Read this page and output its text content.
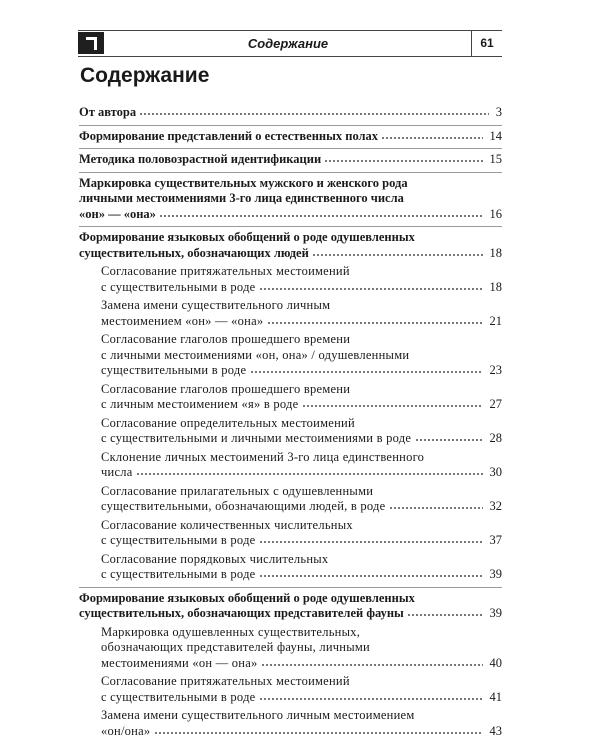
Содержание	61
Содержание
От автора	3
Формирование представлений о естественных полах	14
Методика половозрастной идентификации	15
Маркировка существительных мужского и женского рода
личными местоимениями 3-го лица единственного числа
«он» — «она»	16
Формирование языковых обобщений о роде одушевленных
существительных, обозначающих людей	18
Согласование притяжательных местоимений
с существительными в роде	18
Замена имени существительного личным
местоимением «он» — «она»	21
Согласование глаголов прошедшего времени
с личными местоимениями «он, она» / одушевленными
существительными в роде	23
Согласование глаголов прошедшего времени
с личным местоимением «я» в роде	27
Согласование определительных местоимений
с существительными и личными местоимениями в роде	28
Склонение личных местоимений 3-го лица единственного
числа	30
Согласование прилагательных с одушевленными
существительными, обозначающими людей, в роде	32
Согласование количественных числительных
с существительными в роде	37
Согласование порядковых числительных
с существительными в роде	39
Формирование языковых обобщений о роде одушевленных
существительных, обозначающих представителей фауны	39
Маркировка одушевленных существительных,
обозначающих представителей фауны, личными
местоимениями «он — она»	40
Согласование притяжательных местоимений
с существительными в роде	41
Замена имени существительного личным местоимением
«он/она»	43
